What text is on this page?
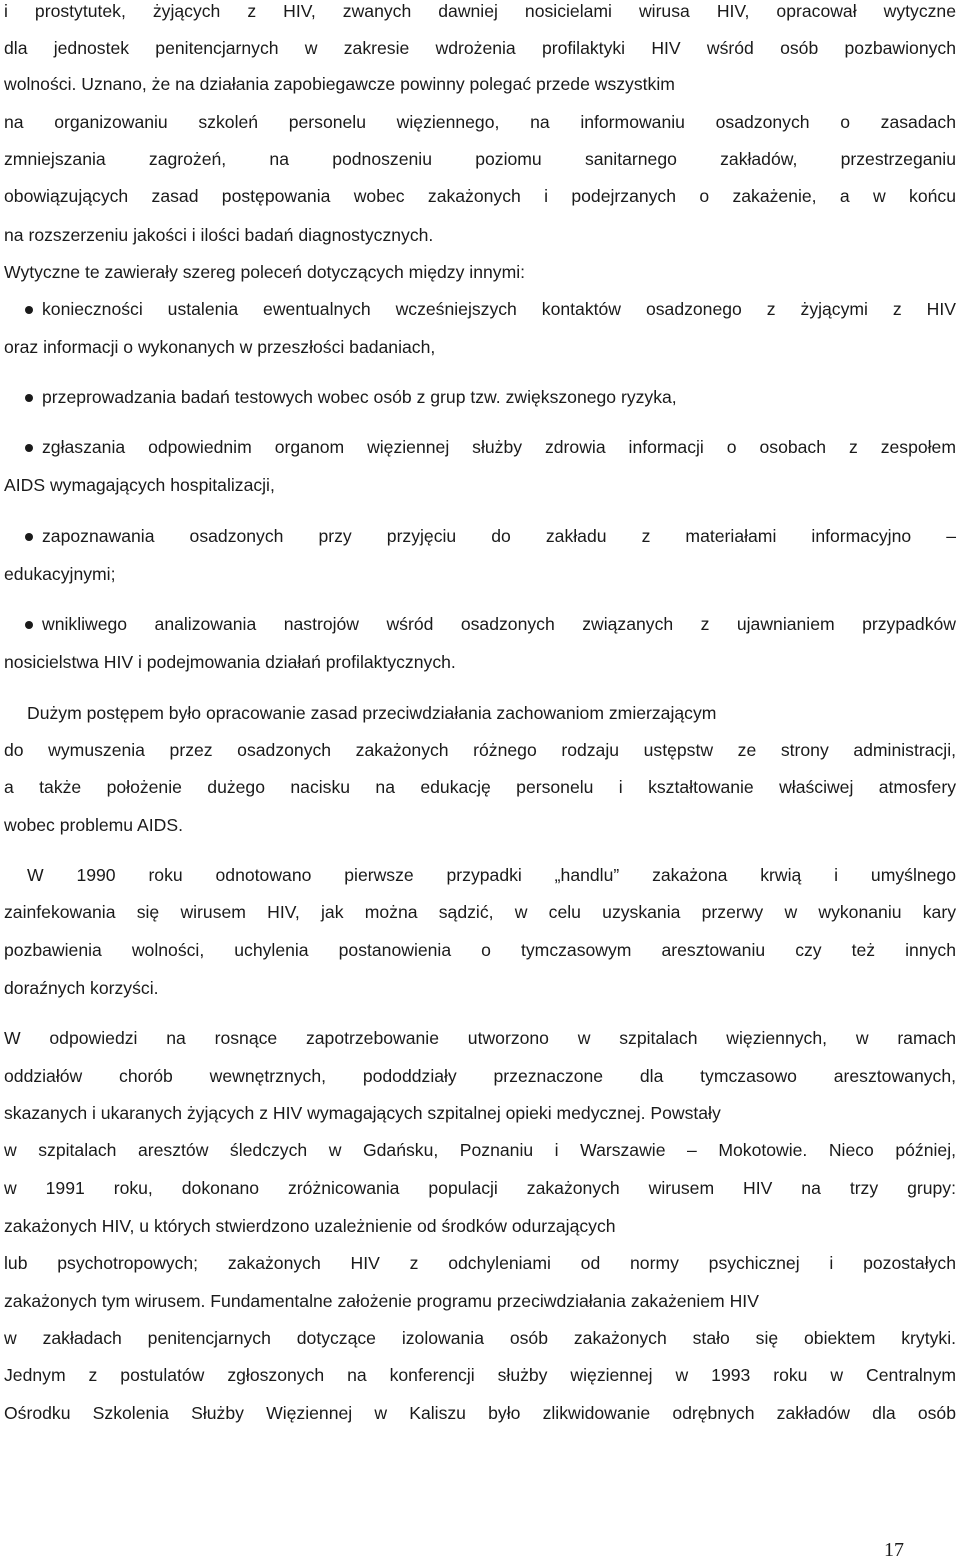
i prostytutek, żyjących z HIV, zwanych dawniej nosicielami wirusa HIV, opracował wytyczne
dla jednostek penitencjarnych w zakresie wdrożenia profilaktyki HIV wśród osób pozbawionych
wolności. Uznano, że na działania zapobiegawcze powinny polegać przede wszystkim
na organizowaniu szkoleń personelu więziennego, na informowaniu osadzonych o zasadach
zmniejszania zagrożeń, na podnoszeniu poziomu sanitarnego zakładów, przestrzeganiu
obowiązujących zasad postępowania wobec zakażonych i podejrzanych o zakażenie, a w końcu
na rozszerzeniu jakości i ilości badań diagnostycznych.
Wytyczne te zawierały szereg poleceń dotyczących między innymi:
konieczności ustalenia ewentualnych wcześniejszych kontaktów osadzonego z żyjącymi z HIV
oraz informacji o wykonanych w przeszłości badaniach,
przeprowadzania badań testowych wobec osób z grup tzw. zwiększonego ryzyka,
zgłaszania odpowiednim organom więziennej służby zdrowia informacji o osobach z zespołem
AIDS wymagających hospitalizacji,
zapoznawania osadzonych przy przyjęciu do zakładu z materiałami informacyjno –
edukacyjnymi;
wnikliwego analizowania nastrojów wśród osadzonych związanych z ujawnianiem przypadków
nosicielstwa HIV i podejmowania działań profilaktycznych.
Dużym postępem było opracowanie zasad przeciwdziałania zachowaniom zmierzającym
do wymuszenia przez osadzonych zakażonych różnego rodzaju ustępstw ze strony administracji,
a także położenie dużego nacisku na edukację personelu i kształtowanie właściwej atmosfery
wobec problemu AIDS.
W 1990 roku odnotowano pierwsze przypadki „handlu” zakażona krwią i umyślnego
zainfekowania się wirusem HIV, jak można sądzić, w celu uzyskania przerwy w wykonaniu kary
pozbawienia wolności, uchylenia postanowienia o tymczasowym aresztowaniu czy też innych
doraźnych korzyści.
W odpowiedzi na rosnące zapotrzebowanie utworzono w szpitalach więziennych, w ramach
oddziałów chorób wewnętrznych, pododdziały przeznaczone dla tymczasowo aresztowanych,
skazanych i ukaranych żyjących z HIV wymagających szpitalnej opieki medycznej. Powstały
w szpitalach aresztów śledczych w Gdańsku, Poznaniu i Warszawie – Mokotowie. Nieco później,
w 1991 roku, dokonano zróżnicowania populacji zakażonych wirusem HIV na trzy grupy:
zakażonych HIV, u których stwierdzono uzależnienie od środków odurzających
lub psychotropowych; zakażonych HIV z odchyleniami od normy psychicznej i pozostałych
zakażonych tym wirusem. Fundamentalne założenie programu przeciwdziałania zakażeniem HIV
w zakładach penitencjarnych dotyczące izolowania osób zakażonych stało się obiektem krytyki.
Jednym z postulatów zgłoszonych na konferencji służby więziennej w 1993 roku w Centralnym
Ośrodku Szkolenia Służby Więziennej w Kaliszu było zlikwidowanie odrębnych zakładów dla osób
17
